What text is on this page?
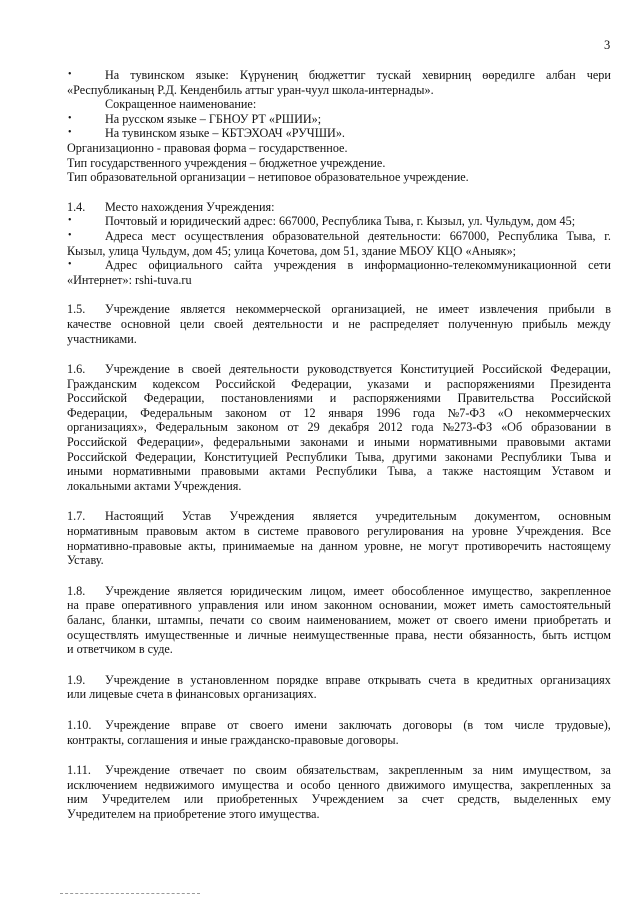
3
• На тувинском языке: Күрүнениң бюджеттиг тускай хевирниң өөредилге албан чери
«Республиканың Р.Д. Кенденбиль аттыг уран-чуул школа-интернады».
Сокращенное наименование:
• На русском языке – ГБНОУ РТ «РШИИ»;
• На тувинском языке – КБТЭХОАЧ «РУЧШИ».
Организационно - правовая форма – государственное.
Тип государственного учреждения – бюджетное учреждение.
Тип образовательной организации – нетиповое образовательное учреждение.
1.4.	Место нахождения Учреждения:
• Почтовый и юридический адрес: 667000, Республика Тыва, г. Кызыл, ул. Чульдум, дом 45;
• Адреса мест осуществления образовательной деятельности: 667000, Республика Тыва, г.
Кызыл, улица Чульдум, дом 45; улица Кочетова, дом 51, здание МБОУ КЦО «Аныяк»;
• Адрес официального сайта учреждения в информационно-телекоммуникационной сети
«Интернет»: rshi-tuva.ru
1.5.	Учреждение является некоммерческой организацией, не имеет извлечения прибыли в
качестве основной цели своей деятельности и не распределяет полученную прибыль между
участниками.
1.6.	Учреждение в своей деятельности руководствуется Конституцией Российской Федерации,
Гражданским кодексом Российской Федерации, указами и распоряжениями Президента
Российской Федерации, постановлениями и распоряжениями Правительства Российской
Федерации, Федеральным законом от 12 января 1996 года №7-ФЗ «О некоммерческих
организациях», Федеральным законом от 29 декабря 2012 года №273-ФЗ «Об образовании в
Российской Федерации», федеральными законами и иными нормативными правовыми актами
Российской Федерации, Конституцией Республики Тыва, другими законами Республики Тыва и
иными нормативными правовыми актами Республики Тыва, а также настоящим Уставом и
локальными актами Учреждения.
1.7.	Настоящий Устав Учреждения является учредительным документом, основным
нормативным правовым актом в системе правового регулирования на уровне Учреждения. Все
нормативно-правовые акты, принимаемые на данном уровне, не могут противоречить настоящему
Уставу.
1.8.	Учреждение является юридическим лицом, имеет обособленное имущество, закрепленное
на праве оперативного управления или ином законном основании, может иметь самостоятельный
баланс, бланки, штампы, печати со своим наименованием, может от своего имени приобретать и
осуществлять имущественные и личные неимущественные права, нести обязанность, быть истцом
и ответчиком в суде.
1.9.	Учреждение в установленном порядке вправе открывать счета в кредитных организациях
или лицевые счета в финансовых организациях.
1.10.	Учреждение вправе от своего имени заключать договоры (в том числе трудовые),
контракты, соглашения и иные гражданско-правовые договоры.
1.11.	Учреждение отвечает по своим обязательствам, закрепленным за ним имуществом, за
исключением недвижимого имущества и особо ценного движимого имущества, закрепленных за
ним Учредителем или приобретенных Учреждением за счет средств, выделенных ему
Учредителем на приобретение этого имущества.
